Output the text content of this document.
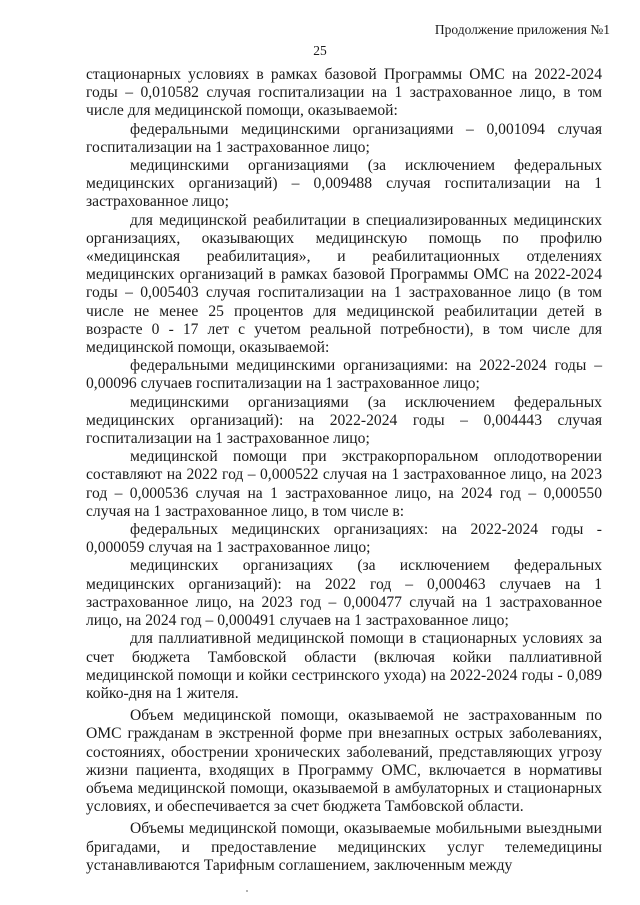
Продолжение приложения №1
25

стационарных условиях в рамках базовой Программы ОМС на 2022-2024 годы – 0,010582 случая госпитализации на 1 застрахованное лицо, в том числе для медицинской помощи, оказываемой:

федеральными медицинскими организациями – 0,001094 случая госпитализации на 1 застрахованное лицо;

медицинскими организациями (за исключением федеральных медицинских организаций) – 0,009488 случая госпитализации на 1 застрахованное лицо;

для медицинской реабилитации в специализированных медицинских организациях, оказывающих медицинскую помощь по профилю «медицинская реабилитация», и реабилитационных отделениях медицинских организаций в рамках базовой Программы ОМС на 2022-2024 годы – 0,005403 случая госпитализации на 1 застрахованное лицо (в том числе не менее 25 процентов для медицинской реабилитации детей в возрасте 0 - 17 лет с учетом реальной потребности), в том числе для медицинской помощи, оказываемой:

федеральными медицинскими организациями: на 2022-2024 годы – 0,00096 случаев госпитализации на 1 застрахованное лицо;

медицинскими организациями (за исключением федеральных медицинских организаций): на 2022-2024 годы – 0,004443 случая госпитализации на 1 застрахованное лицо;

медицинской помощи при экстракорпоральном оплодотворении составляют на 2022 год – 0,000522 случая на 1 застрахованное лицо, на 2023 год – 0,000536 случая на 1 застрахованное лицо, на 2024 год – 0,000550 случая на 1 застрахованное лицо, в том числе в:

федеральных медицинских организациях: на 2022-2024 годы - 0,000059 случая на 1 застрахованное лицо;

медицинских организациях (за исключением федеральных медицинских организаций): на 2022 год – 0,000463 случаев на 1 застрахованное лицо, на 2023 год – 0,000477 случай на 1 застрахованное лицо, на 2024 год – 0,000491 случаев на 1 застрахованное лицо;

для паллиативной медицинской помощи в стационарных условиях за счет бюджета Тамбовской области (включая койки паллиативной медицинской помощи и койки сестринского ухода) на 2022-2024 годы - 0,089 койко-дня на 1 жителя.

Объем медицинской помощи, оказываемой не застрахованным по ОМС гражданам в экстренной форме при внезапных острых заболеваниях, состояниях, обострении хронических заболеваний, представляющих угрозу жизни пациента, входящих в Программу ОМС, включается в нормативы объема медицинской помощи, оказываемой в амбулаторных и стационарных условиях, и обеспечивается за счет бюджета Тамбовской области.

Объемы медицинской помощи, оказываемые мобильными выездными бригадами, и предоставление медицинских услуг телемедицины устанавливаются Тарифным соглашением, заключенным между
